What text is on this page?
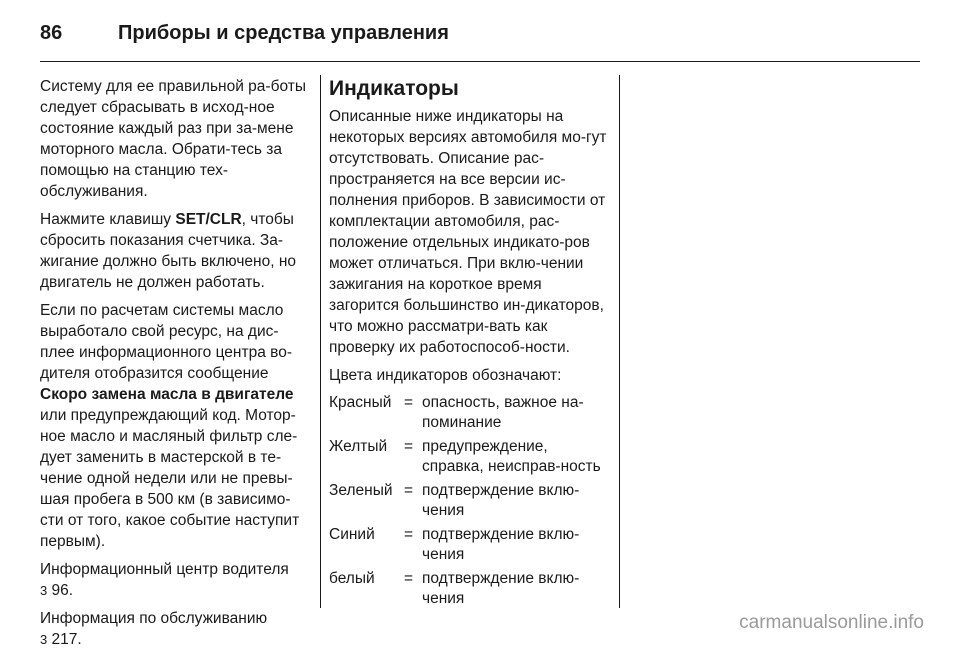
86	Приборы и средства управления

Систему для ее правильной ра-боты следует сбрасывать в исход-ное состояние каждый раз при за-мене моторного масла. Обрати-тесь за помощью на станцию тех-обслуживания.

Нажмите клавишу SET/CLR, чтобы сбросить показания счетчика. За-жигание должно быть включено, но двигатель не должен работать.

Если по расчетам системы масло выработало свой ресурс, на дис-плее информационного центра во-дителя отобразится сообщение Скоро замена масла в двигателе или предупреждающий код. Мотор-ное масло и масляный фильтр сле-дует заменить в мастерской в те-чение одной недели или не превы-шая пробега в 500 км (в зависимо-сти от того, какое событие наступит первым).

Информационный центр водителя
3 96.

Информация по обслуживанию
3 217.

Индикаторы

Описанные ниже индикаторы на некоторых версиях автомобиля мо-гут отсутствовать. Описание рас-пространяется на все версии ис-полнения приборов. В зависимости от комплектации автомобиля, рас-положение отдельных индикато-ров может отличаться. При вклю-чении зажигания на короткое время загорится большинство ин-дикаторов, что можно рассматри-вать как проверку их работоспособ-ности.

Цвета индикаторов обозначают:

Красный	=	опасность, важное на-поминание
Желтый	=	предупреждение, справка, неисправ-ность
Зеленый	=	подтверждение вклю-чения
Синий	=	подтверждение вклю-чения
белый	=	подтверждение вклю-чения
carmanualsonline.info
